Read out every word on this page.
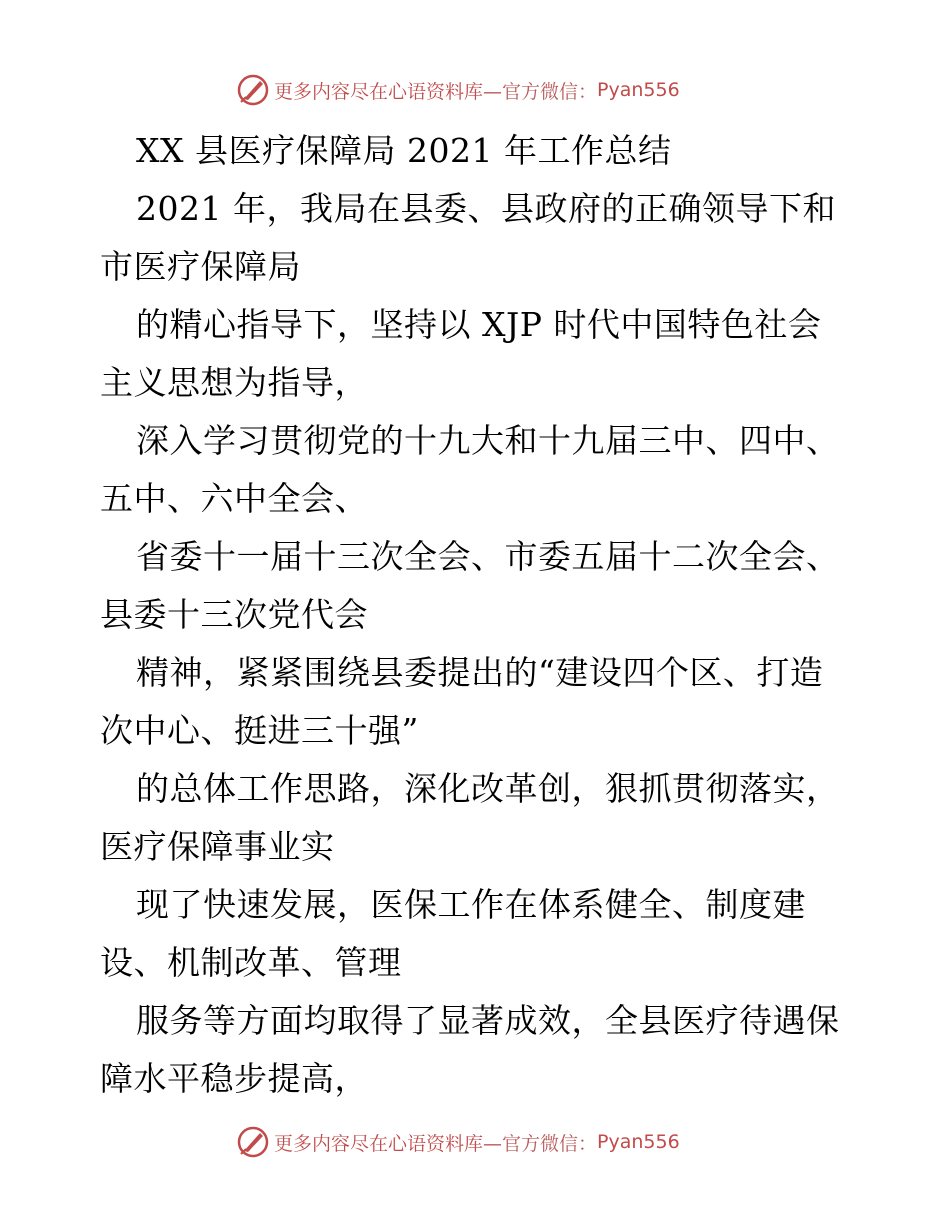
更多内容尽在心语资料库 —官方微信： Pyan556
XX 县医疗保障局 2021 年工作总结
2021 年，我局在县委、县政府的正确领导下和
市医疗保障局
的精心指导下，坚持以 XJP 时代中国特色社会
主义思想为指导，
深入学习贯彻党的十九大和十九届三中、四中、
五中、六中全会、
省委十一届十三次全会、市委五届十二次全会、
县委十三次党代会
精神，紧紧围绕县委提出的“建设四个区、打造
次中心、挺进三十强”
的总体工作思路，深化改革创，狠抓贯彻落实，
医疗保障事业实
现了快速发展，医保工作在体系健全、制度建
设、机制改革、管理
服务等方面均取得了显著成效，全县医疗待遇保
障水平稳步提高，
更多内容尽在心语资料库 —官方微信： Pyan556
